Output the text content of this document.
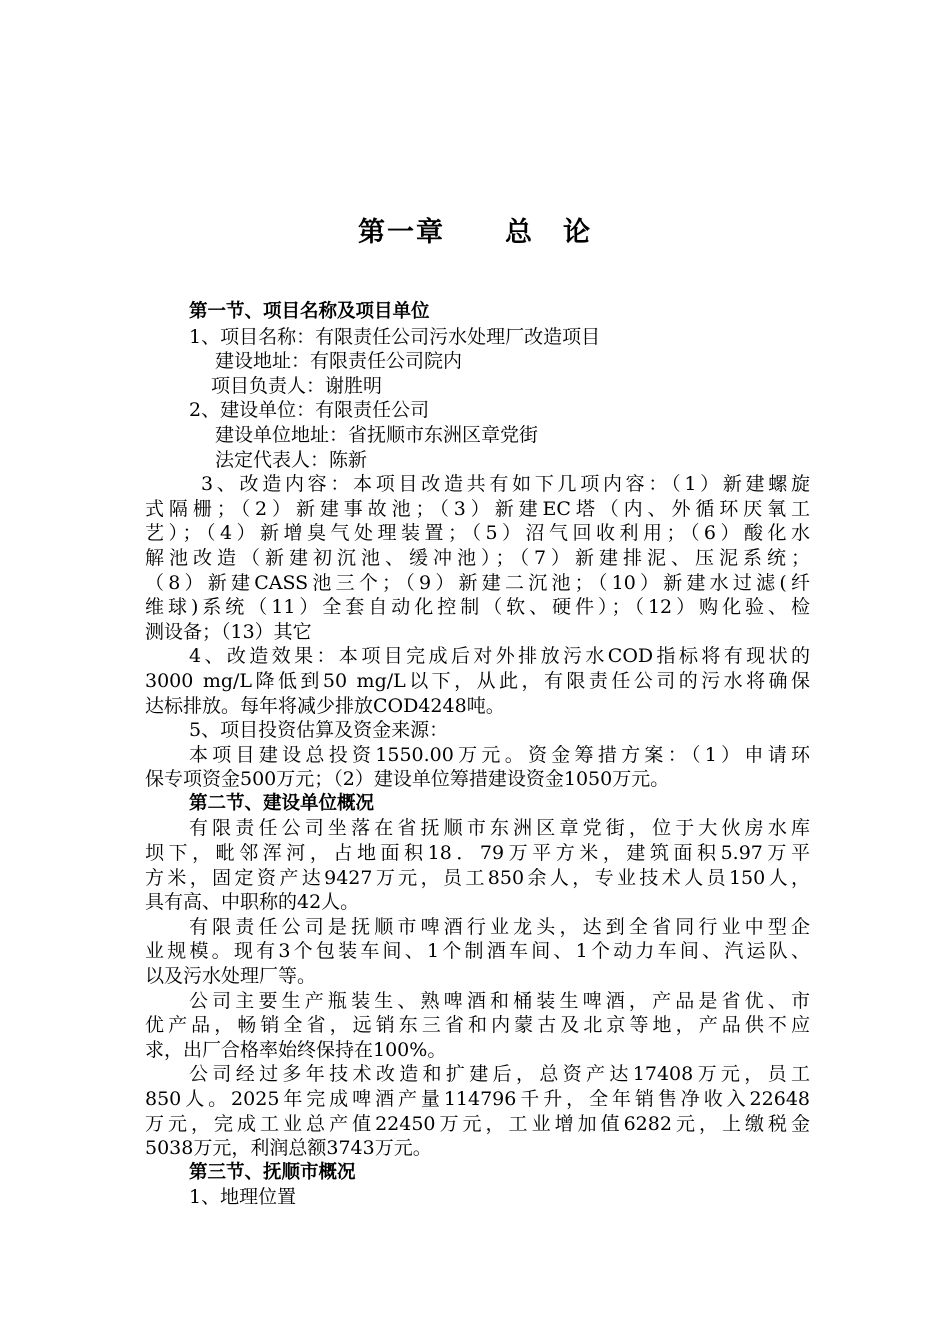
第一章 总　论
第一节、项目名称及项目单位
1、项目名称：有限责任公司污水处理厂改造项目
建设地址：有限责任公司院内
项目负责人：谢胜明
2、建设单位：有限责任公司
建设单位地址：省抚顺市东洲区章党街
法定代表人：陈新
3、改造内容：本项目改造共有如下几项内容：（1）新建螺旋
式隔栅；（2）新建事故池；（3）新建EC塔（内、外循环厌氧工
艺）；（4）新增臭气处理装置；（5）沼气回收利用；（6）酸化水
解池改造（新建初沉池、缓冲池）；（7）新建排泥、压泥系统；
（8）新建CASS池三个；（9）新建二沉池；（10）新建水过滤(纤
维球)系统（11）全套自动化控制（软、硬件）；（12）购化验、检
测设备；（13）其它
4、改造效果：本项目完成后对外排放污水COD指标将有现状的
3000 mg/L降低到50 mg/L以下，从此，有限责任公司的污水将确保
达标排放。每年将减少排放COD4248吨。
5、项目投资估算及资金来源：
本项目建设总投资1550.00万元。资金筹措方案：（1）申请环
保专项资金500万元；（2）建设单位筹措建设资金1050万元。
第二节、建设单位概况
有限责任公司坐落在省抚顺市东洲区章党街，位于大伙房水库
坝下，毗邻浑河，占地面积18．79万平方米，建筑面积5.97万平
方米，固定资产达9427万元，员工850余人，专业技术人员150人，
具有高、中职称的42人。
有限责任公司是抚顺市啤酒行业龙头，达到全省同行业中型企
业规模。现有3个包装车间、1个制酒车间、1个动力车间、汽运队、
以及污水处理厂等。
公司主要生产瓶装生、熟啤酒和桶装生啤酒，产品是省优、市
优产品，畅销全省，远销东三省和内蒙古及北京等地，产品供不应
求，出厂合格率始终保持在100%。
公司经过多年技术改造和扩建后，总资产达17408万元，员工
850人。2025年完成啤酒产量114796千升，全年销售净收入22648
万元，完成工业总产值22450万元，工业增加值6282元，上缴税金
5038万元，利润总额3743万元。
第三节、抚顺市概况
1、地理位置
